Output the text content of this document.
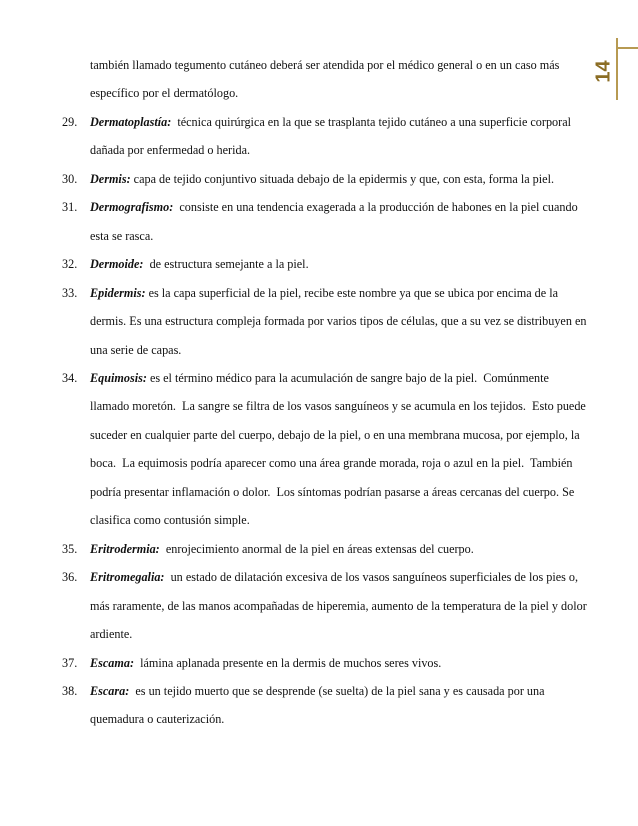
14
también llamado tegumento cutáneo deberá ser atendida por el médico general o en un caso más específico por el dermatólogo.
29. Dermatoplastía:  técnica quirúrgica en la que se trasplanta tejido cutáneo a una superficie corporal dañada por enfermedad o herida.
30. Dermis: capa de tejido conjuntivo situada debajo de la epidermis y que, con esta, forma la piel.
31. Dermografismo:  consiste en una tendencia exagerada a la producción de habones en la piel cuando esta se rasca.
32. Dermoide:  de estructura semejante a la piel.
33. Epidermis: es la capa superficial de la piel, recibe este nombre ya que se ubica por encima de la dermis. Es una estructura compleja formada por varios tipos de células, que a su vez se distribuyen en una serie de capas.
34. Equimosis: es el término médico para la acumulación de sangre bajo de la piel.  Comúnmente llamado moretón.  La sangre se filtra de los vasos sanguíneos y se acumula en los tejidos.  Esto puede suceder en cualquier parte del cuerpo, debajo de la piel, o en una membrana mucosa, por ejemplo, la boca.  La equimosis podría aparecer como una área grande morada, roja o azul en la piel.  También podría presentar inflamación o dolor.  Los síntomas podrían pasarse a áreas cercanas del cuerpo. Se clasifica como contusión simple.
35. Eritrodermia:  enrojecimiento anormal de la piel en áreas extensas del cuerpo.
36. Eritromegalia:  un estado de dilatación excesiva de los vasos sanguíneos superficiales de los pies o, más raramente, de las manos acompañadas de hiperemia, aumento de la temperatura de la piel y dolor ardiente.
37. Escama:  lámina aplanada presente en la dermis de muchos seres vivos.
38. Escara:  es un tejido muerto que se desprende (se suelta) de la piel sana y es causada por una quemadura o cauterización.
